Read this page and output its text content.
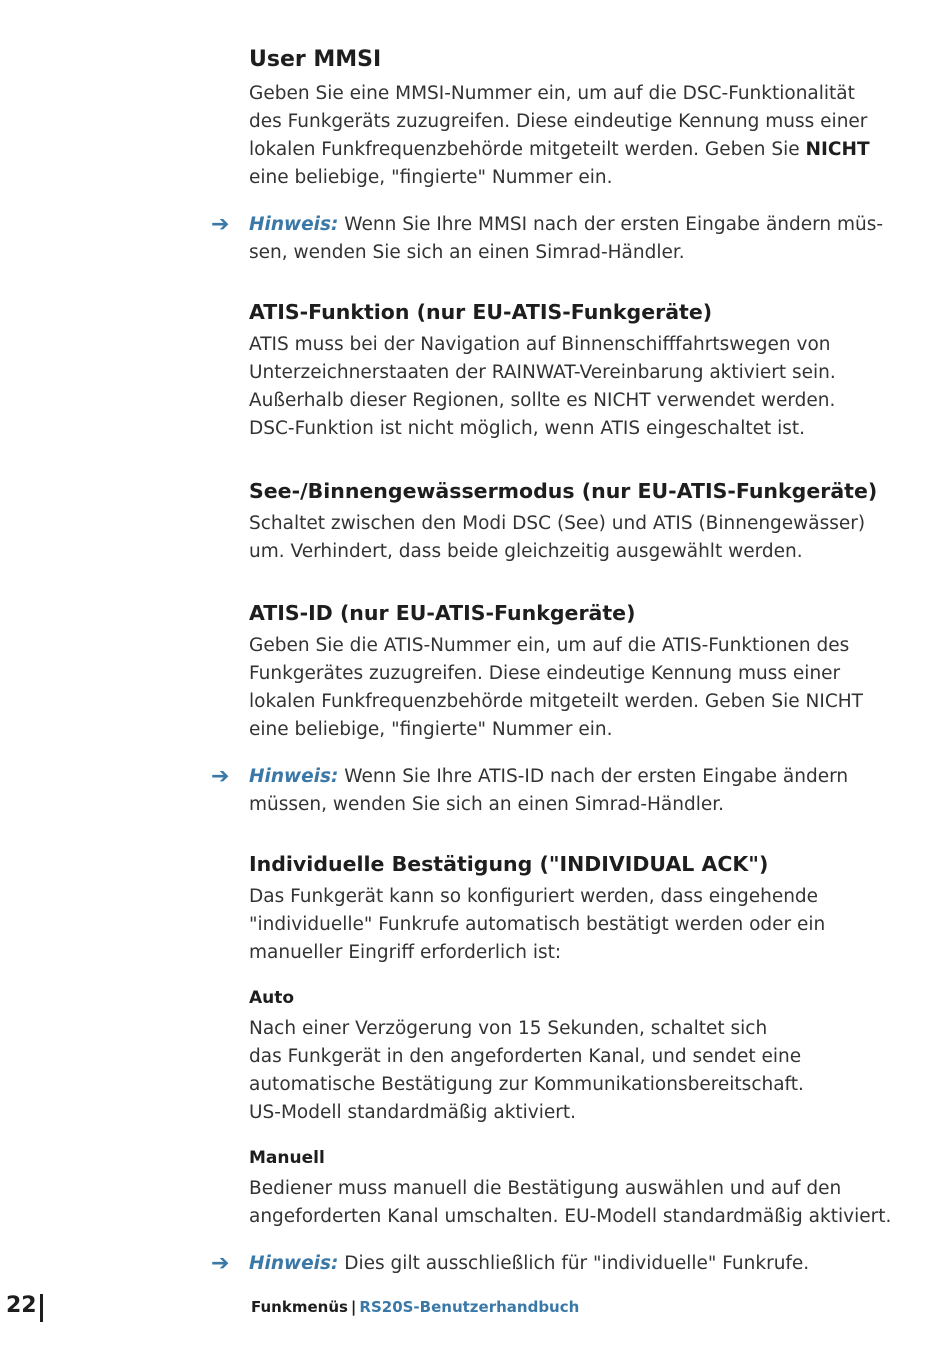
User MMSI
Geben Sie eine MMSI-Nummer ein, um auf die DSC-Funktionalität
des Funkgeräts zuzugreifen. Diese eindeutige Kennung muss einer
lokalen Funkfrequenzbehörde mitgeteilt werden. Geben Sie NICHT
eine beliebige, "fingierte" Nummer ein.
➔ Hinweis: Wenn Sie Ihre MMSI nach der ersten Eingabe ändern müs-
sen, wenden Sie sich an einen Simrad-Händler.
ATIS-Funktion (nur EU-ATIS-Funkgeräte)
ATIS muss bei der Navigation auf Binnenschifffahrtswegen von
Unterzeichnerstaaten der RAINWAT-Vereinbarung aktiviert sein.
Außerhalb dieser Regionen, sollte es NICHT verwendet werden.
DSC-Funktion ist nicht möglich, wenn ATIS eingeschaltet ist.
See-/Binnengewässermodus (nur EU-ATIS-Funkgeräte)
Schaltet zwischen den Modi DSC (See) und ATIS (Binnengewässer)
um. Verhindert, dass beide gleichzeitig ausgewählt werden.
ATIS-ID (nur EU-ATIS-Funkgeräte)
Geben Sie die ATIS-Nummer ein, um auf die ATIS-Funktionen des
Funkgerätes zuzugreifen. Diese eindeutige Kennung muss einer
lokalen Funkfrequenzbehörde mitgeteilt werden. Geben Sie NICHT
eine beliebige, "fingierte" Nummer ein.
➔ Hinweis: Wenn Sie Ihre ATIS-ID nach der ersten Eingabe ändern
müssen, wenden Sie sich an einen Simrad-Händler.
Individuelle Bestätigung ("INDIVIDUAL ACK")
Das Funkgerät kann so konfiguriert werden, dass eingehende
"individuelle" Funkrufe automatisch bestätigt werden oder ein
manueller Eingriff erforderlich ist:
Auto
Nach einer Verzögerung von 15 Sekunden, schaltet sich
das Funkgerät in den angeforderten Kanal, und sendet eine
automatische Bestätigung zur Kommunikationsbereitschaft.
US-Modell standardmäßig aktiviert.
Manuell
Bediener muss manuell die Bestätigung auswählen und auf den
angeforderten Kanal umschalten. EU-Modell standardmäßig aktiviert.
➔ Hinweis: Dies gilt ausschließlich für "individuelle" Funkrufe.
22	Funkmenüs | RS20S-Benutzerhandbuch
